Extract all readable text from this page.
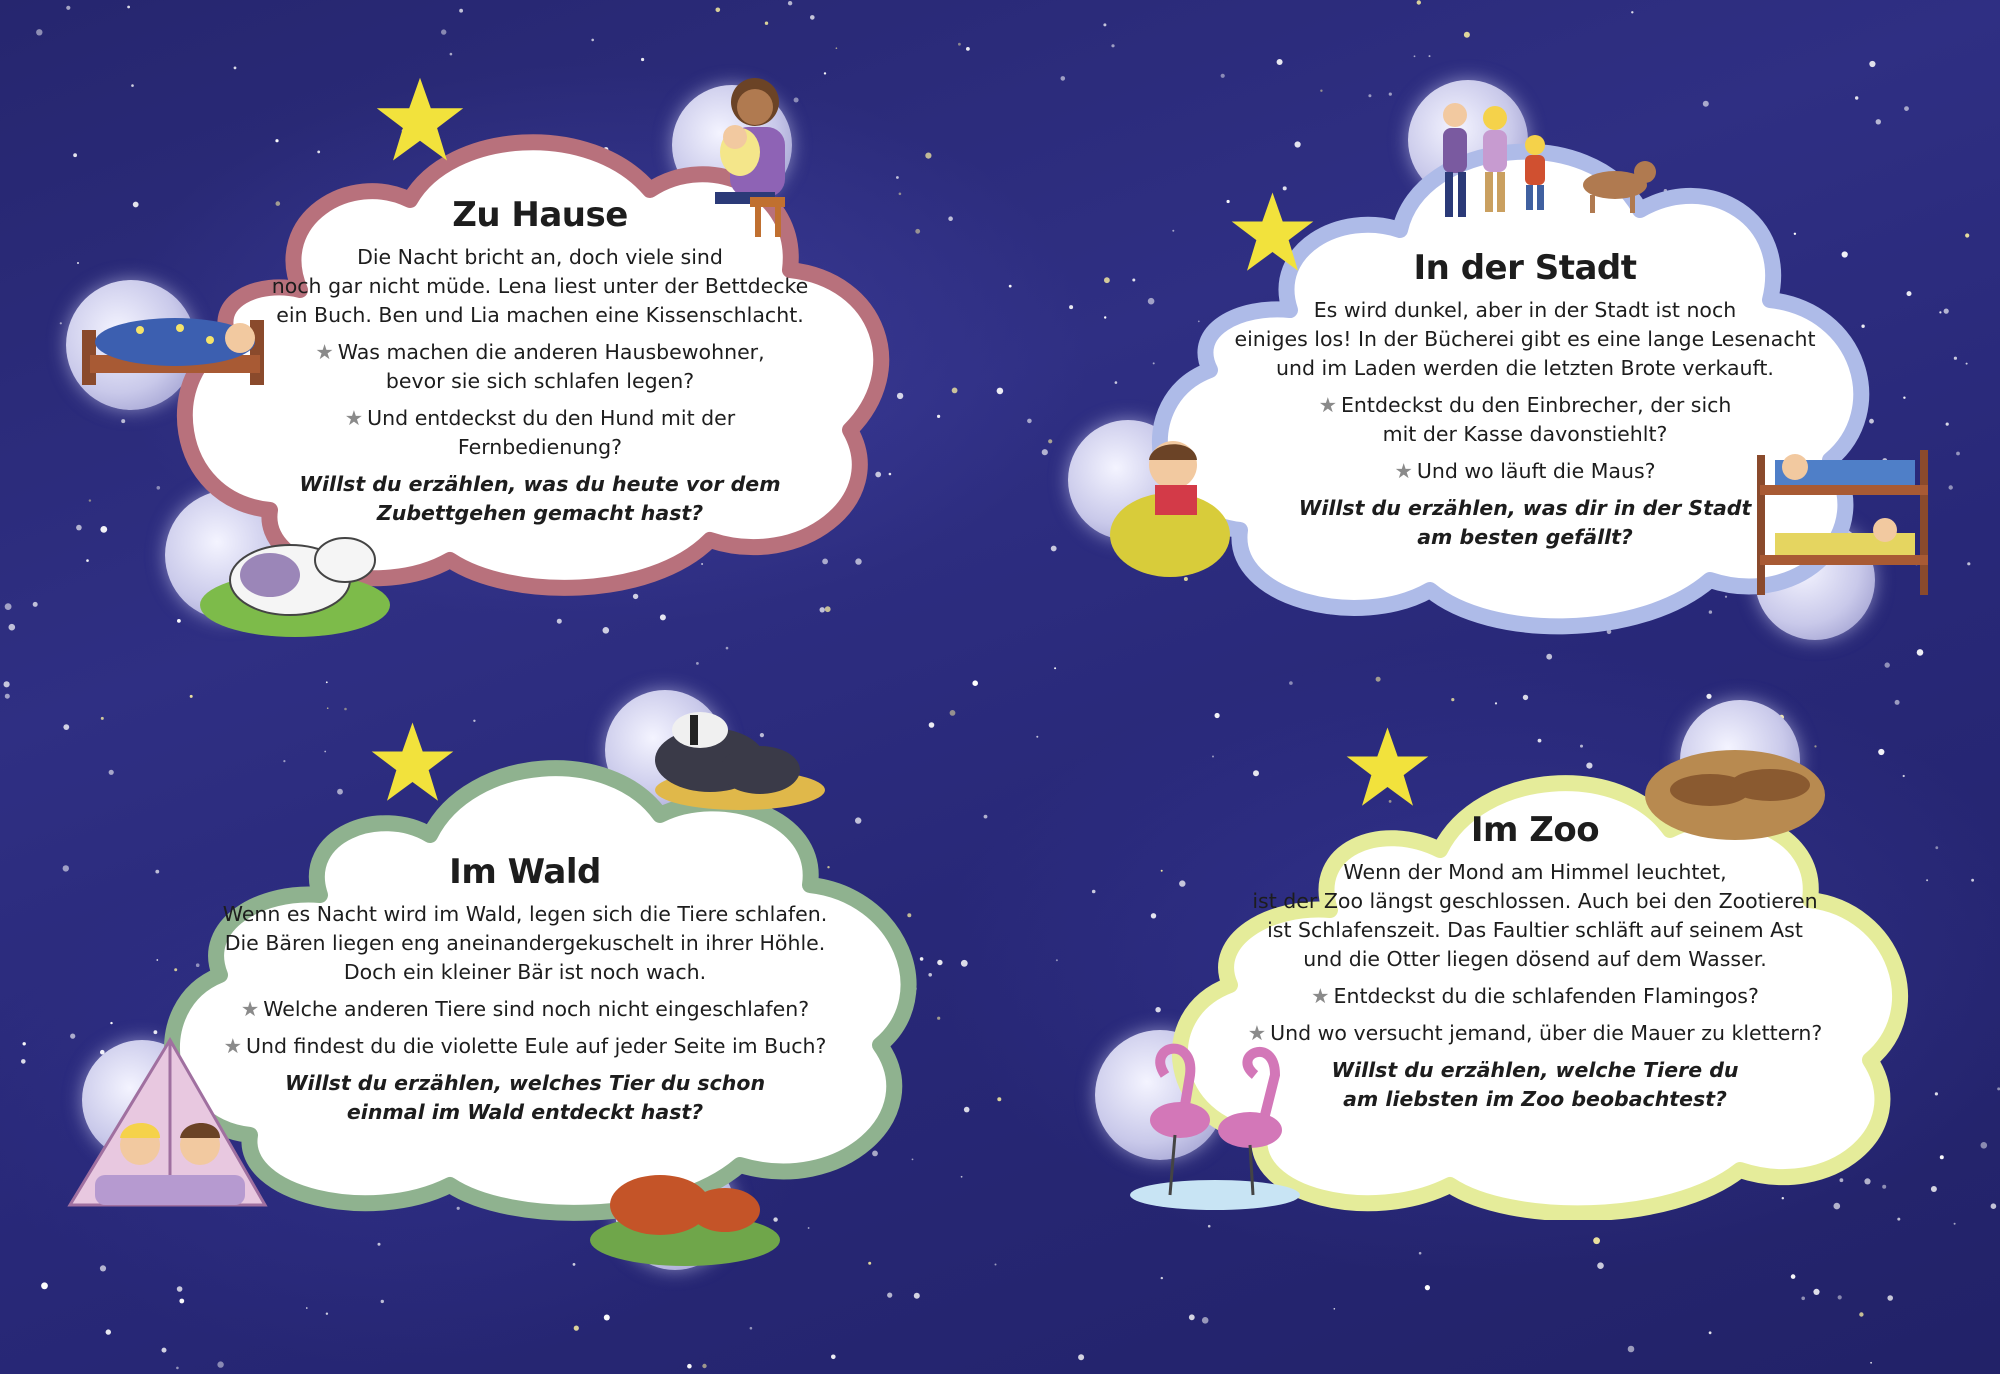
Zu Hause

Die Nacht bricht an, doch viele sind
noch gar nicht müde. Lena liest unter der Bettdecke
ein Buch. Ben und Lia machen eine Kissenschlacht.

★ Was machen die anderen Hausbewohner,
bevor sie sich schlafen legen?

★ Und entdeckst du den Hund mit der Fernbedienung?

Willst du erzählen, was du heute vor dem
Zubettgehen gemacht hast?

In der Stadt

Es wird dunkel, aber in der Stadt ist noch
einiges los! In der Bücherei gibt es eine lange Lesenacht
und im Laden werden die letzten Brote verkauft.

★ Entdeckst du den Einbrecher, der sich
mit der Kasse davonstiehlt?

★ Und wo läuft die Maus?

Willst du erzählen, was dir in der Stadt
am besten gefällt?

Im Wald

Wenn es Nacht wird im Wald, legen sich die Tiere schlafen.
Die Bären liegen eng aneinandergekuschelt in ihrer Höhle.
Doch ein kleiner Bär ist noch wach.

★ Welche anderen Tiere sind noch nicht eingeschlafen?

★ Und findest du die violette Eule auf jeder Seite im Buch?

Willst du erzählen, welches Tier du schon
einmal im Wald entdeckt hast?

Im Zoo

Wenn der Mond am Himmel leuchtet,
ist der Zoo längst geschlossen. Auch bei den Zootieren
ist Schlafenszeit. Das Faultier schläft auf seinem Ast
und die Otter liegen dösend auf dem Wasser.

★ Entdeckst du die schlafenden Flamingos?

★ Und wo versucht jemand, über die Mauer zu klettern?

Willst du erzählen, welche Tiere du
am liebsten im Zoo beobachtest?
